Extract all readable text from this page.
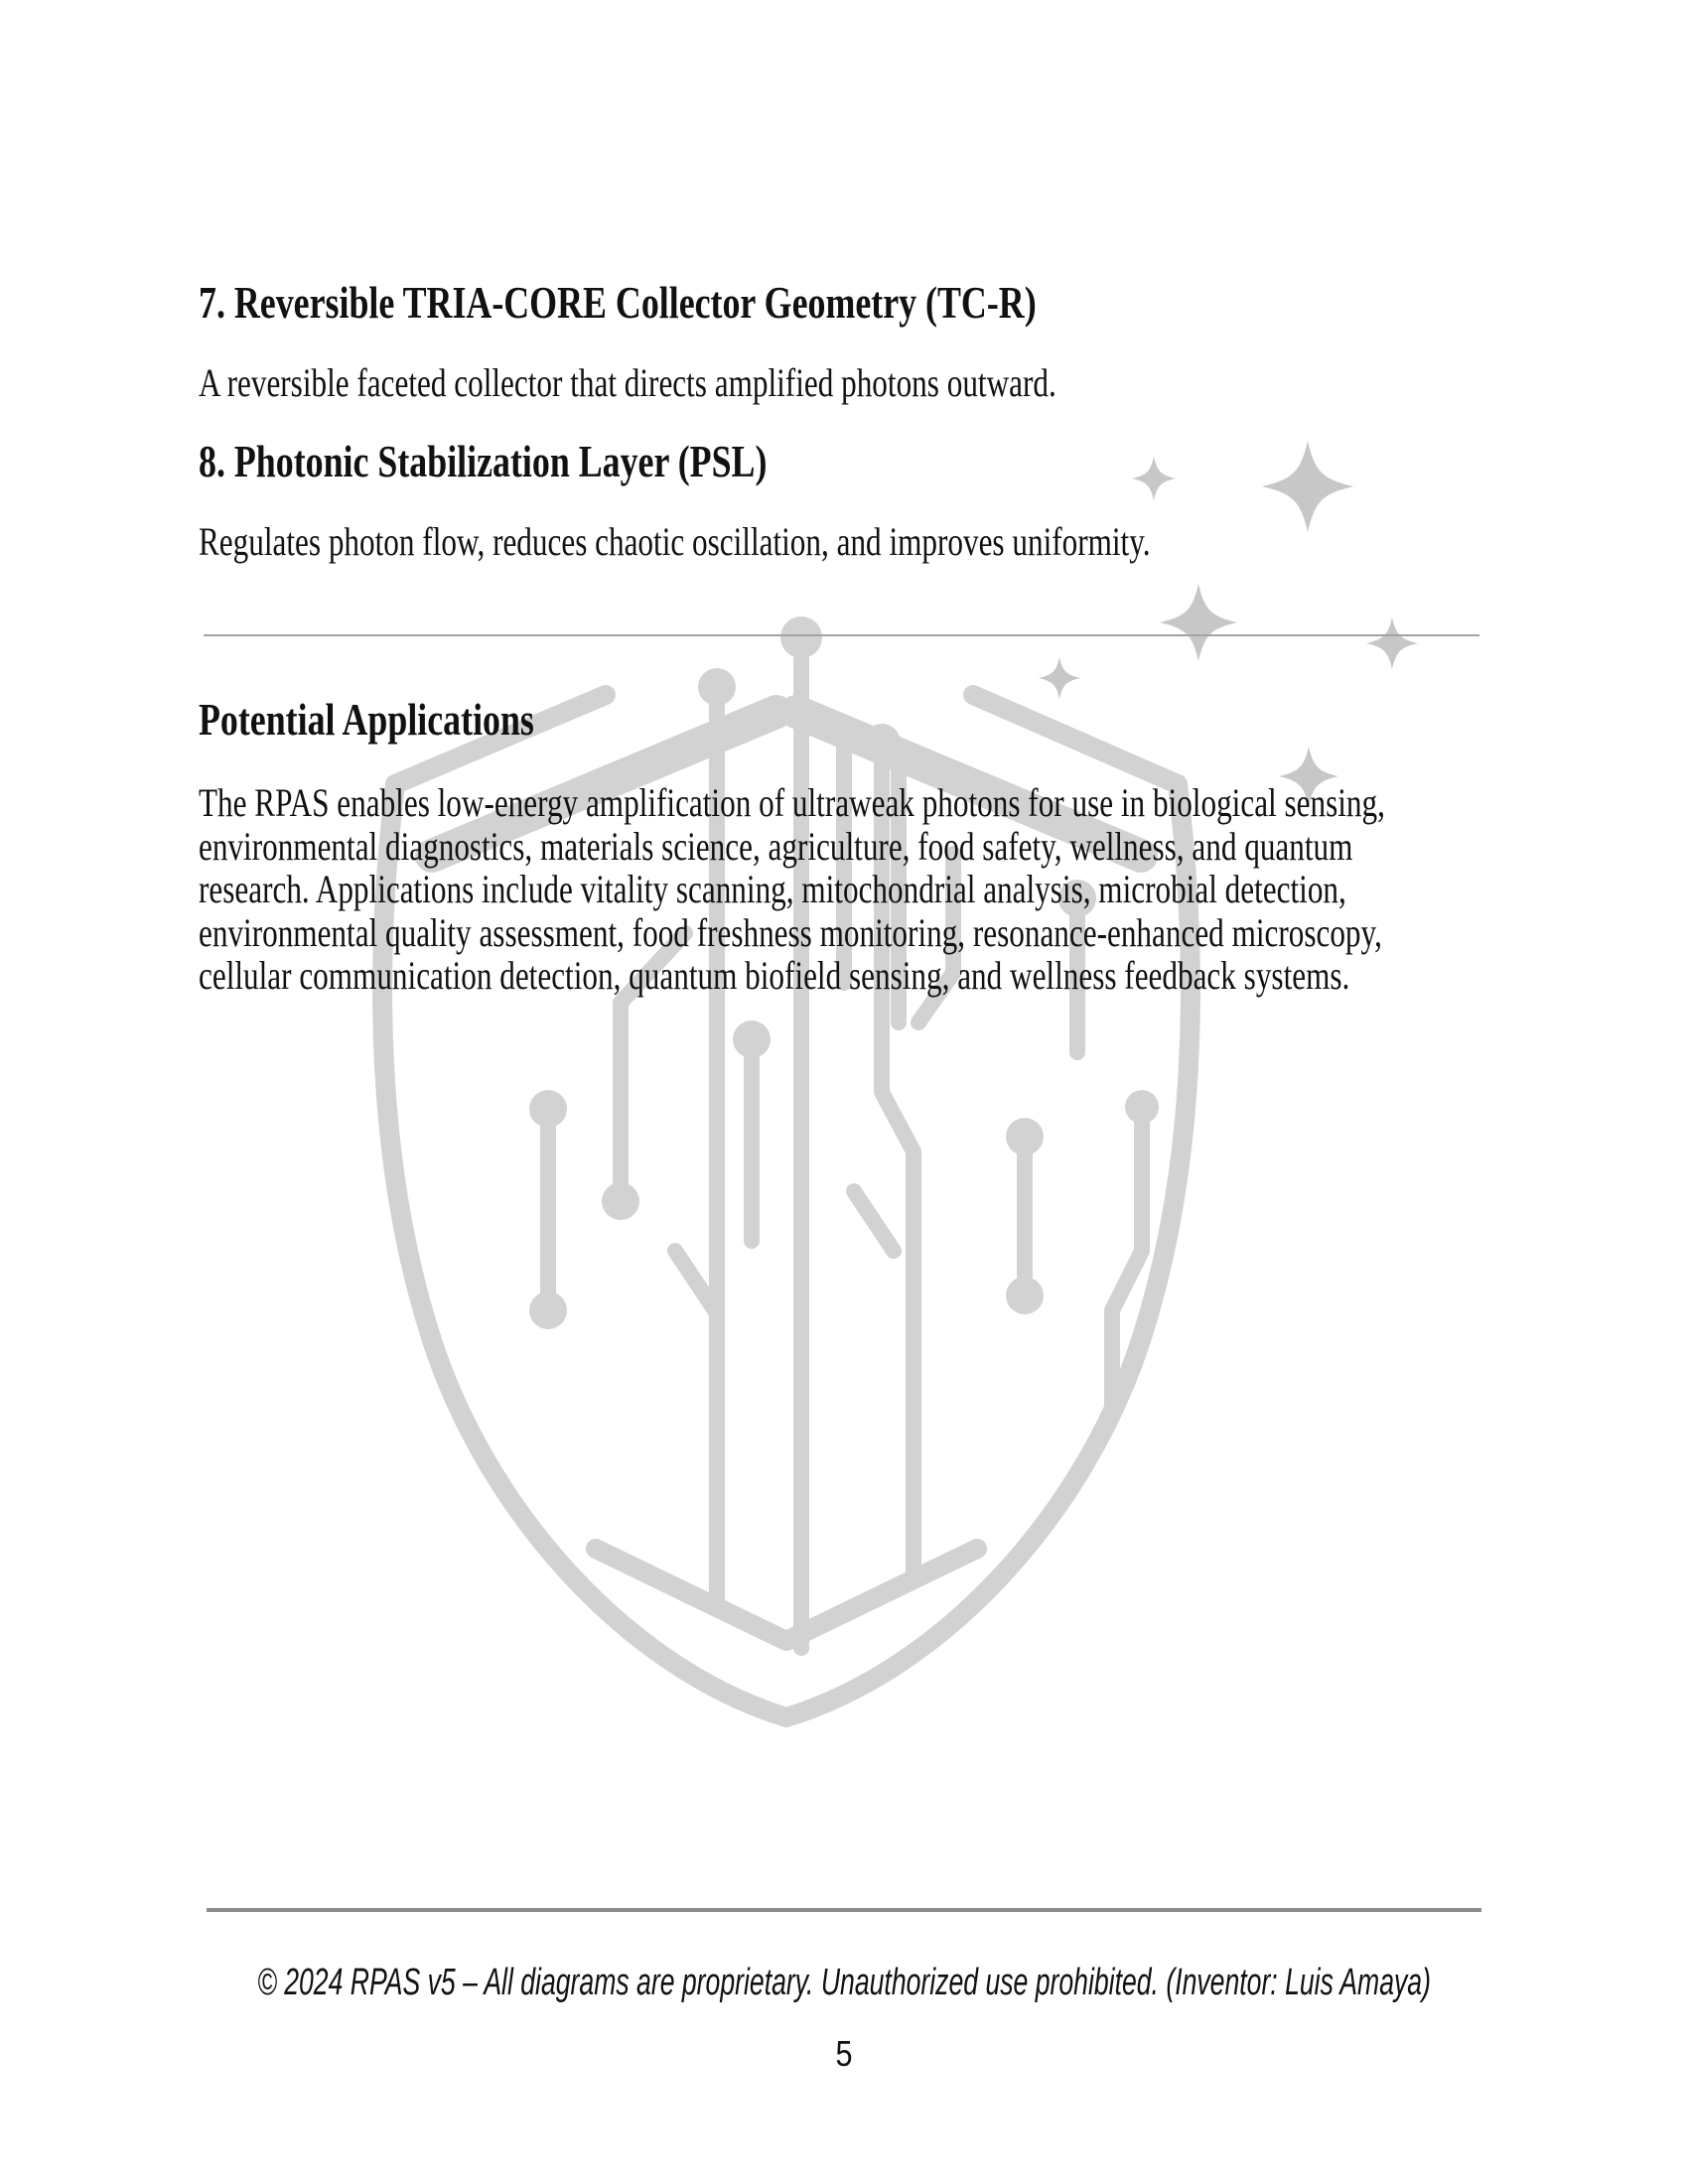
7. Reversible TRIA-CORE Collector Geometry (TC-R)
A reversible faceted collector that directs amplified photons outward.
8. Photonic Stabilization Layer (PSL)
Regulates photon flow, reduces chaotic oscillation, and improves uniformity.
Potential Applications
The RPAS enables low-energy amplification of ultraweak photons for use in biological sensing,
environmental diagnostics, materials science, agriculture, food safety, wellness, and quantum
research. Applications include vitality scanning, mitochondrial analysis, microbial detection,
environmental quality assessment, food freshness monitoring, resonance-enhanced microscopy,
cellular communication detection, quantum biofield sensing, and wellness feedback systems.
© 2024 RPAS v5 – All diagrams are proprietary. Unauthorized use prohibited. (Inventor: Luis Amaya)
5
